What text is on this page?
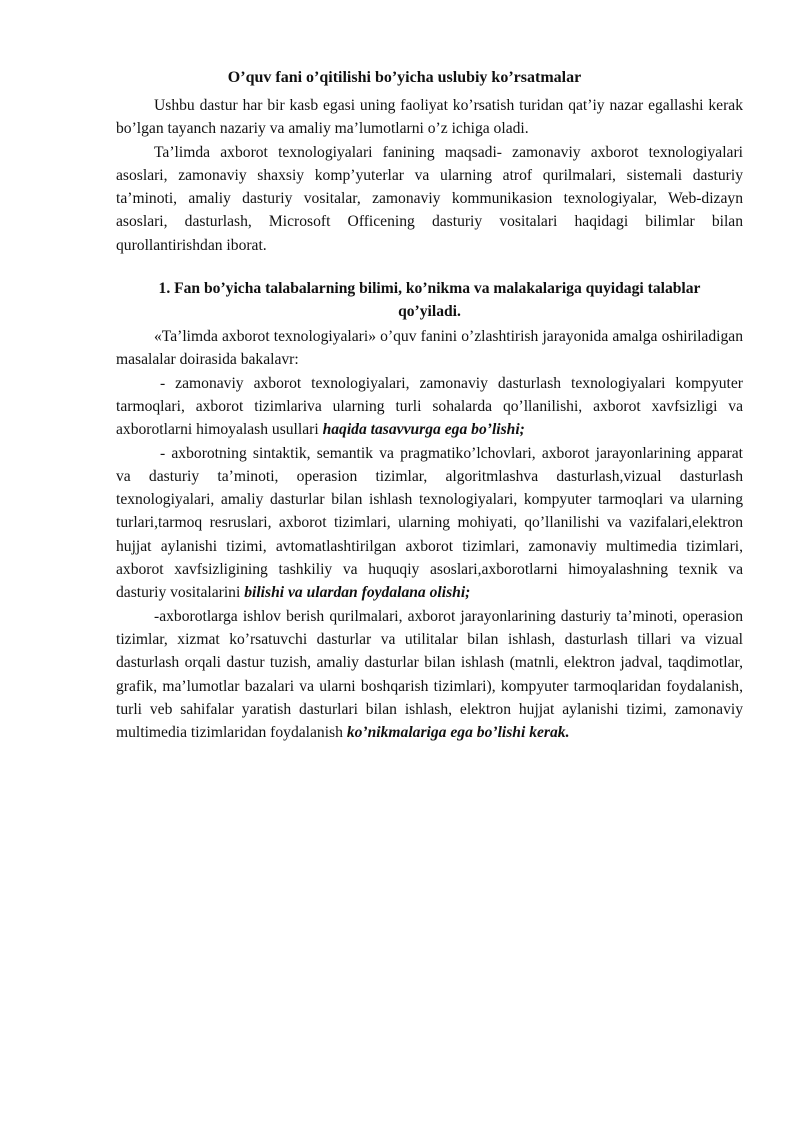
O’quv fani o’qitilishi bo’yicha uslubiy ko’rsatmalar

Ushbu dastur har bir kasb egasi uning faoliyat ko’rsatish turidan qat’iy nazar egallashi kerak bo’lgan tayanch nazariy va amaliy ma’lumotlarni o’z ichiga oladi.

Ta’limda axborot texnologiyalari fanining maqsadi- zamonaviy axborot texnologiyalari asoslari, zamonaviy shaxsiy komp’yuterlar va ularning atrof qurilmalari, sistemali dasturiy ta’minoti, amaliy dasturiy vositalar, zamonaviy kommunikasion texnologiyalar, Web-dizayn asoslari, dasturlash, Microsoft Officening dasturiy vositalari haqidagi bilimlar bilan qurollantirishdan iborat.

1. Fan bo’yicha talabalarning bilimi, ko’nikma va malakalariga quyidagi talablar qo’yiladi.

«Ta’limda axborot texnologiyalari» o’quv fanini o’zlashtirish jarayonida amalga oshiriladigan masalalar doirasida bakalavr:

- zamonaviy axborot texnologiyalari, zamonaviy dasturlash texnologiyalari kompyuter tarmoqlari, axborot tizimlariva ularning turli sohalarda qo’llanilishi, axborot xavfsizligi va axborotlarni himoyalash usullari haqida tasavvurga ega bo’lishi;

- axborotning sintaktik, semantik va pragmatiko’lchovlari, axborot jarayonlarining apparat va dasturiy ta’minoti, operasion tizimlar, algoritmlashva dasturlash,vizual dasturlash texnologiyalari, amaliy dasturlar bilan ishlash texnologiyalari, kompyuter tarmoqlari va ularning turlari,tarmoq resruslari, axborot tizimlari, ularning mohiyati, qo’llanilishi va vazifalari,elektron hujjat aylanishi tizimi, avtomatlashtirilgan axborot tizimlari, zamonaviy multimedia tizimlari, axborot xavfsizligining tashkiliy va huquqiy asoslari,axborotlarni himoyalashning texnik va dasturiy vositalarini bilishi va ulardan foydalana olishi;

-axborotlarga ishlov berish qurilmalari, axborot jarayonlarining dasturiy ta’minoti, operasion tizimlar, xizmat ko’rsatuvchi dasturlar va utilitalar bilan ishlash, dasturlash tillari va vizual dasturlash orqali dastur tuzish, amaliy dasturlar bilan ishlash (matnli, elektron jadval, taqdimotlar, grafik, ma’lumotlar bazalari va ularni boshqarish tizimlari), kompyuter tarmoqlaridan foydalanish, turli veb sahifalar yaratish dasturlari bilan ishlash, elektron hujjat aylanishi tizimi, zamonaviy multimedia tizimlaridan foydalanish ko’nikmalariga ega bo’lishi kerak.
